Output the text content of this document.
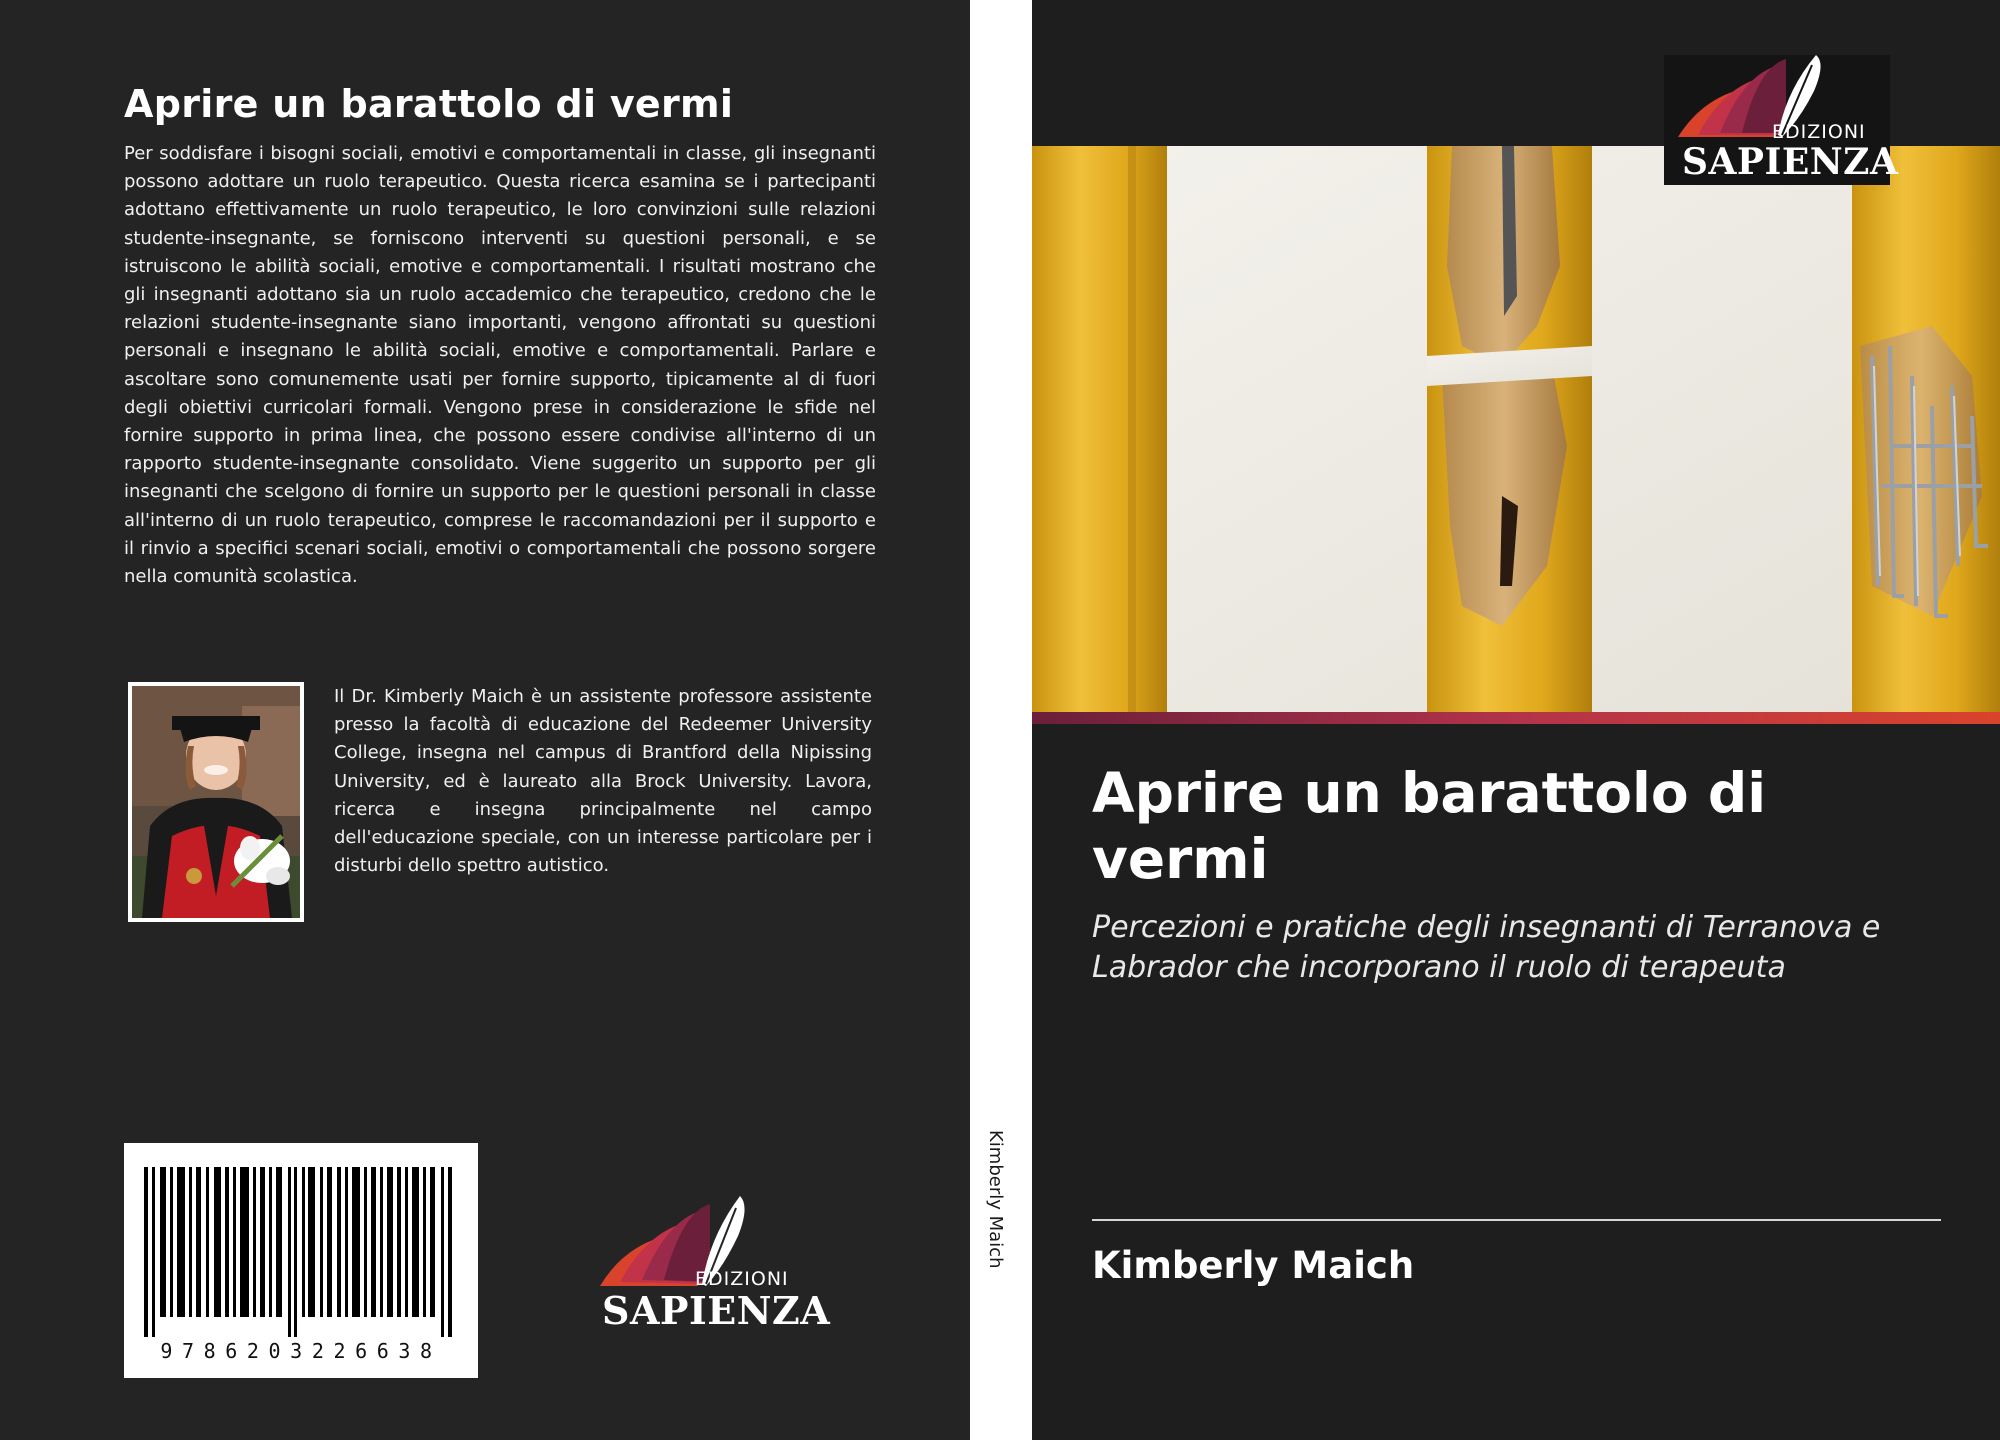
Aprire un barattolo di vermi

Per soddisfare i bisogni sociali, emotivi e comportamentali in classe, gli insegnanti possono adottare un ruolo terapeutico. Questa ricerca esamina se i partecipanti adottano effettivamente un ruolo terapeutico, le loro convinzioni sulle relazioni studente-insegnante, se forniscono interventi su questioni personali, e se istruiscono le abilità sociali, emotive e comportamentali. I risultati mostrano che gli insegnanti adottano sia un ruolo accademico che terapeutico, credono che le relazioni studente-insegnante siano importanti, vengono affrontati su questioni personali e insegnano le abilità sociali, emotive e comportamentali. Parlare e ascoltare sono comunemente usati per fornire supporto, tipicamente al di fuori degli obiettivi curricolari formali. Vengono prese in considerazione le sfide nel fornire supporto in prima linea, che possono essere condivise all'interno di un rapporto studente-insegnante consolidato. Viene suggerito un supporto per gli insegnanti che scelgono di fornire un supporto per le questioni personali in classe all'interno di un ruolo terapeutico, comprese le raccomandazioni per il supporto e il rinvio a specifici scenari sociali, emotivi o comportamentali che possono sorgere nella comunità scolastica.

Il Dr. Kimberly Maich è un assistente professore assistente presso la facoltà di educazione del Redeemer University College, insegna nel campus di Brantford della Nipissing University, ed è laureato alla Brock University. Lavora, ricerca e insegna principalmente nel campo dell'educazione speciale, con un interesse particolare per i disturbi dello spettro autistico.

9786203226638
EDIZIONI
SAPIENZA
Kimberly Maich
Aprire un barattolo di vermi

Percezioni e pratiche degli insegnanti di Terranova e Labrador che incorporano il ruolo di terapeuta

Kimberly Maich
EDIZIONI
SAPIENZA
